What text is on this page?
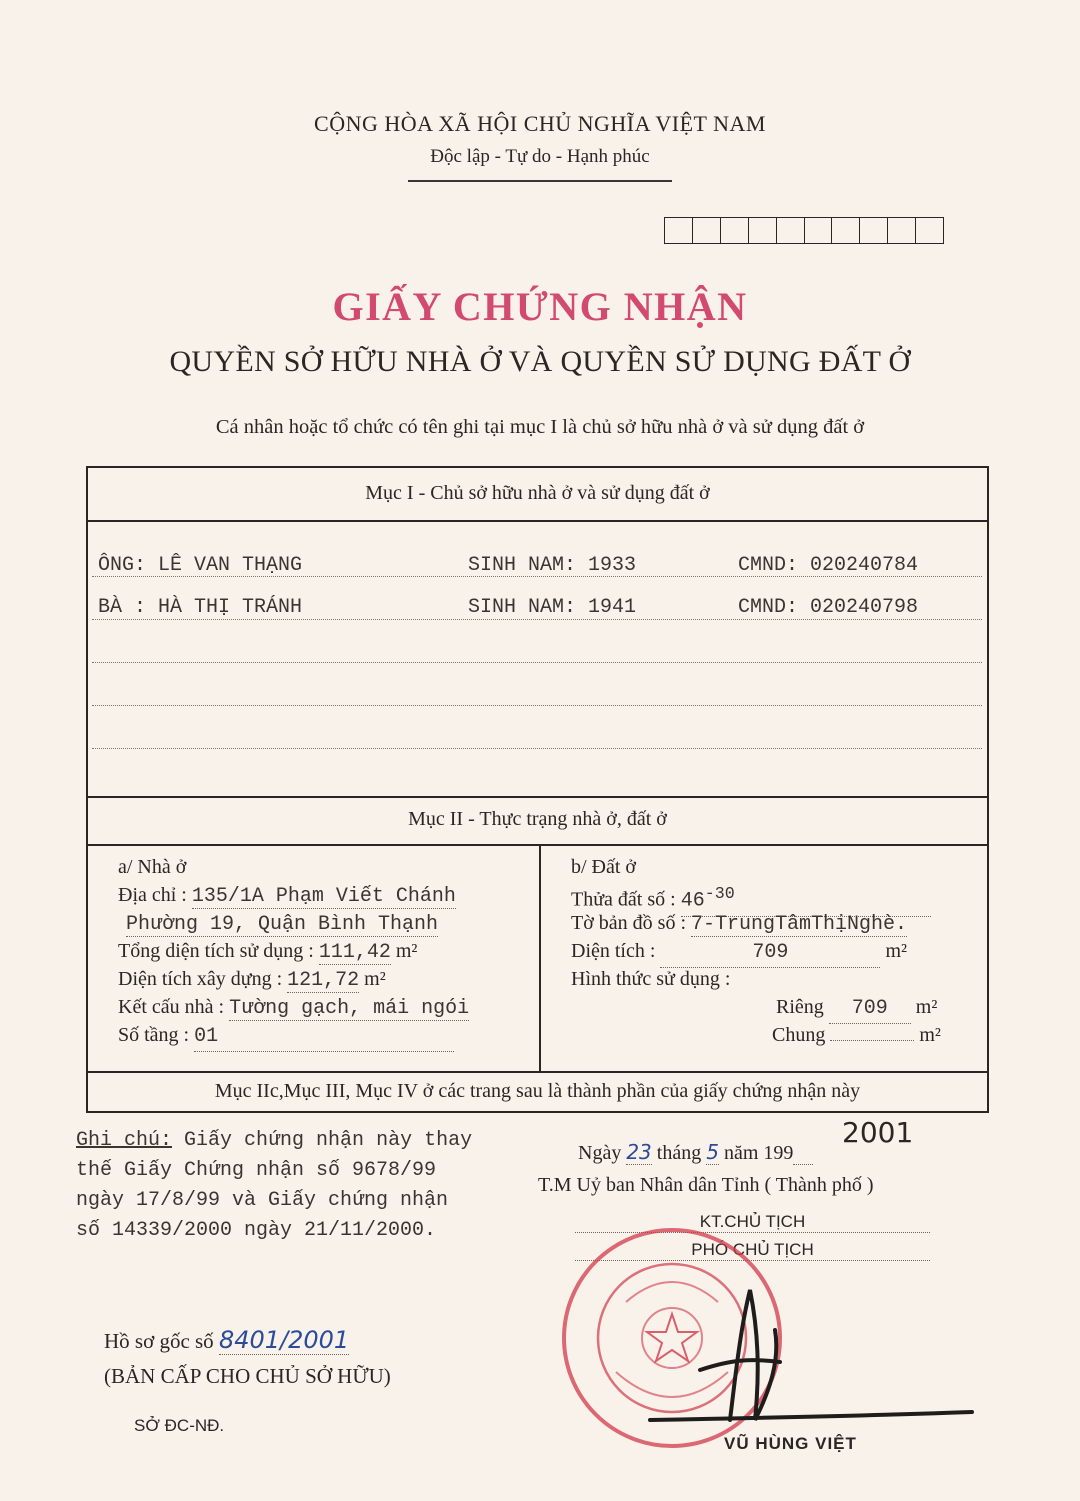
CỘNG HÒA XÃ HỘI CHỦ NGHĨA VIỆT NAM
Độc lập - Tự do - Hạnh phúc
GIẤY CHỨNG NHẬN
QUYỀN SỞ HỮU NHÀ Ở VÀ QUYỀN SỬ DỤNG ĐẤT Ở
Cá nhân hoặc tổ chức có tên ghi tại mục I là chủ sở hữu nhà ở và sử dụng đất ở
Mục I - Chủ sở hữu nhà ở và sử dụng đất ở
Mục II - Thực trạng nhà ở, đất ở
Mục IIc,Mục III, Mục IV ở các trang sau là thành phần của giấy chứng nhận này
ÔNG: LÊ VAN THẠNG	SINH NAM: 1933	CMND: 020240784
BÀ : HÀ THỊ TRÁNH	SINH NAM: 1941	CMND: 020240798
a/ Nhà ở
Địa chỉ : 135/1A Phạm Viết Chánh
Phường 19, Quận Bình Thạnh
Tổng diện tích sử dụng : 111,42 m²
Diện tích xây dựng : 121,72 m²
Kết cấu nhà : Tường gạch, mái ngói
Số tầng : 01
b/ Đất ở
Thửa đất số : $46^{-30}$
Tờ bản đồ số : 7-TrungTâmThịNghè.
Diện tích :	709	m²
Hình thức sử dụng :
Riêng 709 m²
Chung	m²
Ghi chú: Giấy chứng nhận này thay
thế Giấy Chứng nhận số 9678/99
ngày 17/8/99 và Giấy chứng nhận
số 14339/2000 ngày 21/11/2000.
Ngày 23 tháng 5 năm 199
2001
T.M Uỷ ban Nhân dân Tỉnh ( Thành phố )
KT.CHỦ TỊCH
PHÓ CHỦ TỊCH
VŨ HÙNG VIỆT
Hồ sơ gốc số 8401/2001
(BẢN CẤP CHO CHỦ SỞ HỮU)
SỞ ĐC-NĐ.
